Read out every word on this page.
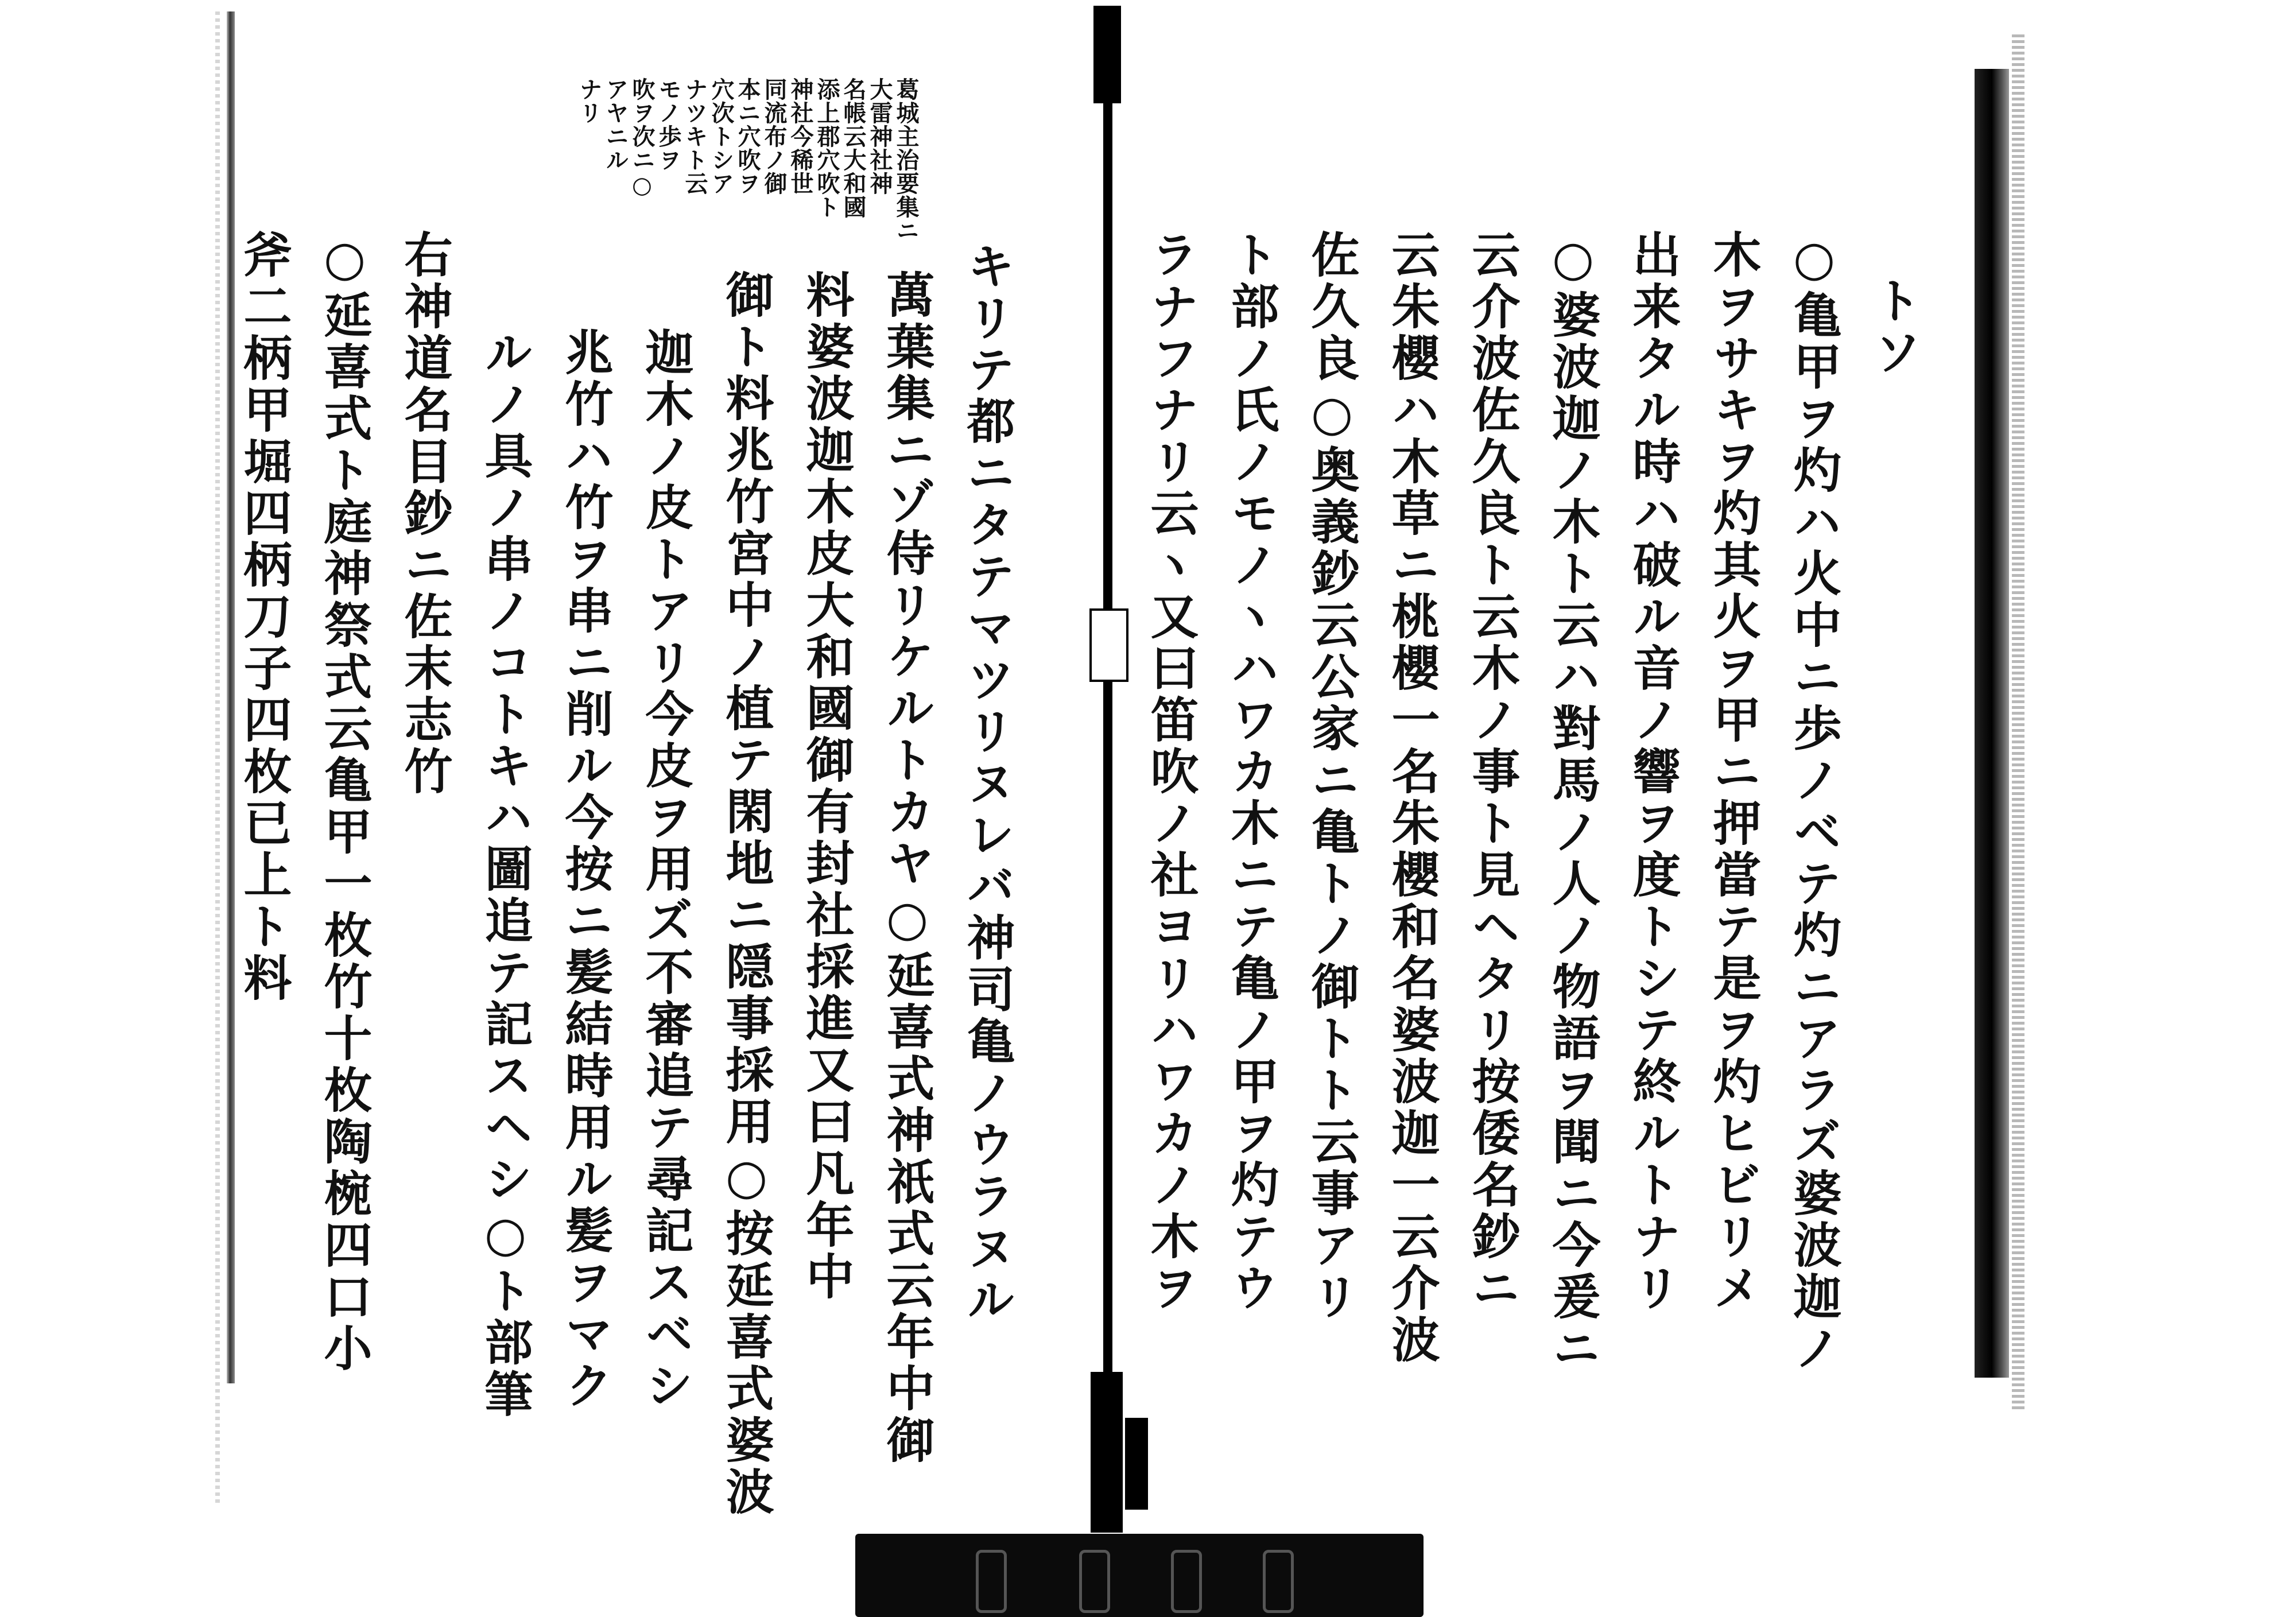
トソ
○亀甲ヲ灼ハ火中ニ歩ノベテ灼ニアラズ婆波迦ノ
木ヲサキヲ灼其火ヲ甲ニ押當テ是ヲ灼ヒビリメ
出来タル時ハ破ル音ノ響ヲ度トシテ終ルトナリ
○婆波迦ノ木ト云ハ對馬ノ人ノ物語ヲ聞ニ今爰ニ
云介波佐久良ト云木ノ事ト見ヘタリ按倭名鈔ニ
云朱櫻ハ木草ニ桃櫻一名朱櫻和名婆波迦一云介波
佐久良○奥義鈔云公家ニ亀トノ御トト云事アリ
ト部ノ氏ノモノヽハワカ木ニテ亀ノ甲ヲ灼テウ
ラナフナリ云ヽ又曰笛吹ノ社ヨリハワカノ木ヲ
葛城主治要集ニ
大雷神社神
名帳云大和國
添上郡穴吹ト
神社今稀世
同流布ノ御
本ニ穴吹ヲ
穴次トシア
ナツキト云
モノ歩ヲ
吹ヲ次ニ○
アヤニル
ナリ
キリテ都ニタテマツリヌレバ神司亀ノウラヌル
萬葉集ニゾ侍リケルトカヤ○延喜式神祇式云年中御
料婆波迦木皮大和國御有封社採進又曰凡年中
御ト料兆竹宮中ノ植テ閑地ニ隠事採用○按延喜式婆波
迦木ノ皮トアリ今皮ヲ用ズ不審追テ尋記スベシ
兆竹ハ竹ヲ串ニ削ル今按ニ髪結時用ル髪ヲマク
ルノ具ノ串ノコトキハ圖追テ記スヘシ○ト部筆
右神道名目鈔ニ佐末志竹
○延喜式ト庭神祭式云亀甲一枚竹十枚陶椀四口小
斧二柄甲堀四柄刀子四枚已上ト料
